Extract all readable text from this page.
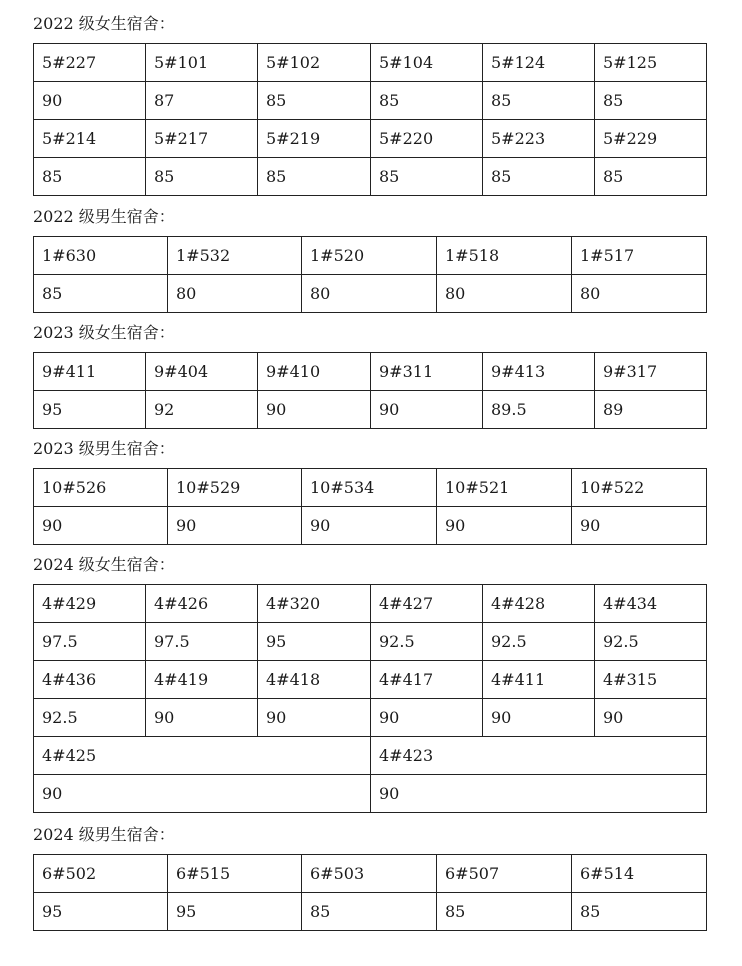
2022 级女生宿舍：
5#227	5#101	5#102	5#104	5#124	5#125
90	87	85	85	85	85
5#214	5#217	5#219	5#220	5#223	5#229
85	85	85	85	85	85
2022 级男生宿舍：
1#630	1#532	1#520	1#518	1#517
85	80	80	80	80
2023 级女生宿舍：
9#411	9#404	9#410	9#311	9#413	9#317
95	92	90	90	89.5	89
2023 级男生宿舍：
10#526	10#529	10#534	10#521	10#522
90	90	90	90	90
2024 级女生宿舍：
4#429	4#426	4#320	4#427	4#428	4#434
97.5	97.5	95	92.5	92.5	92.5
4#436	4#419	4#418	4#417	4#411	4#315
92.5	90	90	90	90	90
4#425			4#423		
90			90		
2024 级男生宿舍：
6#502	6#515	6#503	6#507	6#514
95	95	85	85	85
